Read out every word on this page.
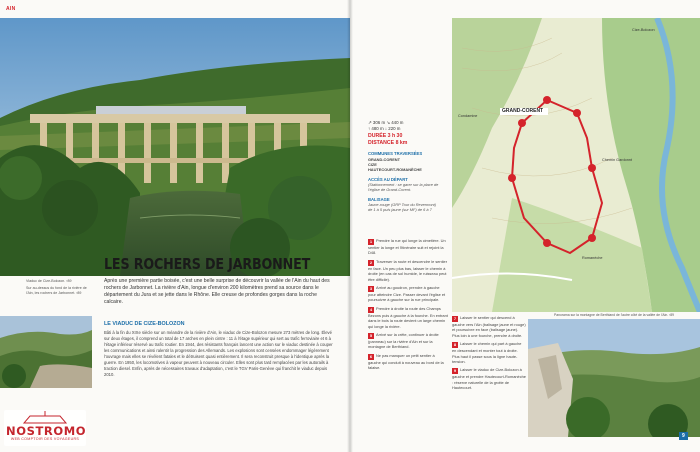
AIN
Viaduc de Cize-Bolozon. ›89
Sur au-dessus du fond de la rivière de l'Ain, les rochers de Jarbonnet. ›89
LES ROCHERS DE JARBONNET
Après une première partie boisée, c'est une belle surprise de découvrir la vallée de l'Ain du haut des rochers de Jarbonnet. La rivière d'Ain, longue d'environ 200 kilomètres prend sa source dans le département du Jura et se jette dans le Rhône. Elle creuse de profondes gorges dans la roche calcaire.
LE VIADUC DE CIZE-BOLOZON
Bâti à la fin du XIXe siècle sur un méandre de la rivière d'Ain, le viaduc de Cize-Bolozon mesure 273 mètres de long. Élevé sur deux étages, il comprend un total de 17 arches en plein cintre : 11 à l'étage supérieur qui sert au trafic ferroviaire et 6 à l'étage inférieur réservé au trafic routier. En 1944, des résistants français lancent une action sur le viaduc destinée à couper les communications et ainsi ralentir la progression des Allemands. Les explosions sont censées endommager légèrement l'ouvrage mais elles se révèlent fatales et le détruisent quasi entièrement. Il sera reconstruit presque à l'identique après la guerre. En 1950, les locomotives à vapeur peuvent à nouveau circuler. Elles sont plus tard remplacées par les autorails à traction diesel. Enfin, après de nécessaires travaux d'adaptation, c'est le TGV Paris-Genève qui franchit le viaduc depuis 2010.
NOSTROMO
WEB COMPTOIR DES VOYAGEURS
↗ 306 m ↘ 440 m
↑ 480 m ↓ 220 m
DURÉE 3 h 30
DISTANCE 8 km
COMMUNES TRAVERSÉES
GRAND-CORENT
CIZE
HAUTECOURT-ROMANÈCHE
ACCÈS AU DÉPART
(Stationnement : se garer sur la place de l'église de Grand-Corent.
BALISAGE
Jaune-rouge (GRP Tour du Revermont) de 1 à 5 puis jaune (sur MF) de 6 à 7
GRAND-CORENT
Cize-Bolozon
Romanèche
Condamine
Chemin Gardonnt
1 Prendre la rue qui longe la cimetière. Un sentier la longe et l'itinéraire suit et rejoint la D48.
2 Traverser la route et descendre le sentier en face. Un peu plus bas, laisser le chemin à droite (en cas de sol humide, le ruisseau peut être difficile).
3 Arrivé au goudron, prendre à gauche pour atteindre Cize. Passer devant l'église et poursuivre à gauche sur la rue principale.
4 Prendre à droite la route des Champs Bezons puis à gauche à la fourche. En entrant dans le bois la route devient un large chemin qui longe la rivière.
5 Arrivé sur la crête, continuer à droite (panneau) sur la rivière d'Ain et sur la montagne de Berthiand.
6 Ne pas manquer un petit sentier à gauche qui conduit à nouveau au bord de la falaise.
7 Laisser le sentier qui descend à gauche vers l'Ain (balisage jaune et rouge) et poursuivre en face (balisage jaune). Plus loin à une fourche, prendre à droite.
8 Laisser le chemin qui part à gauche en descendant et monter tout à droite. Plus haut il passe sous la ligne haute-tension.
9 Laisser le viaduc de Cize-Bolozon à gauche et prendre Hautecourt-Romanèche : réserve naturelle de la grotte de Hautecourt.
Panorama sur la montagne de Berthiand de l'autre côté de la vallée de l'Ain. ›89
9
